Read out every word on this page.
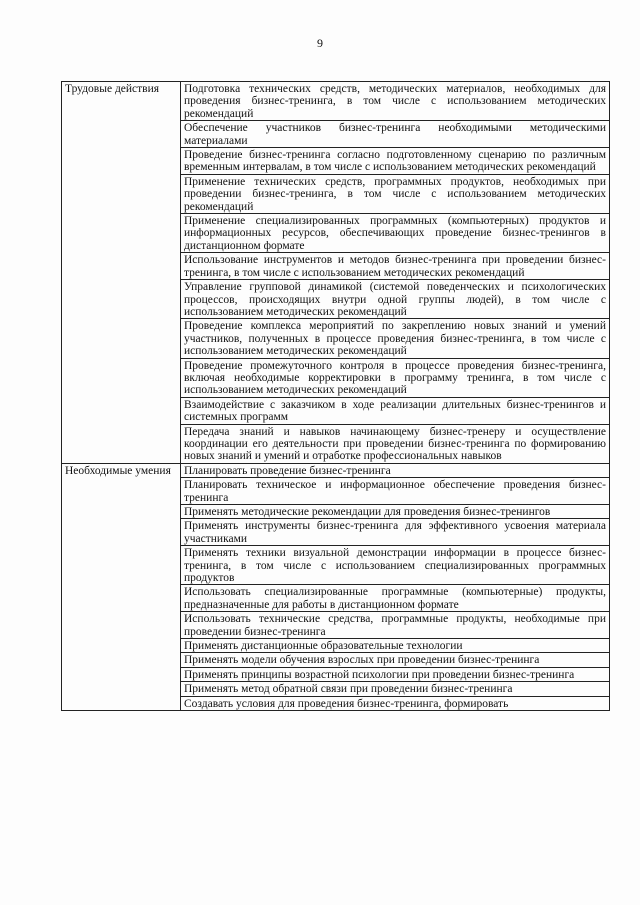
9
Трудовые действия	Подготовка технических средств, методических материалов, необходимых для проведения бизнес-тренинга, в том числе с использованием методических рекомендаций
	Обеспечение участников бизнес-тренинга необходимыми методическими материалами
	Проведение бизнес-тренинга согласно подготовленному сценарию по различным временным интервалам, в том числе с использованием методических рекомендаций
	Применение технических средств, программных продуктов, необходимых при проведении бизнес-тренинга, в том числе с использованием методических рекомендаций
	Применение специализированных программных (компьютерных) продуктов и информационных ресурсов, обеспечивающих проведение бизнес-тренингов в дистанционном формате
	Использование инструментов и методов бизнес-тренинга при проведении бизнес-тренинга, в том числе с использованием методических рекомендаций
	Управление групповой динамикой (системой поведенческих и психологических процессов, происходящих внутри одной группы людей), в том числе с использованием методических рекомендаций
	Проведение комплекса мероприятий по закреплению новых знаний и умений участников, полученных в процессе проведения бизнес-тренинга, в том числе с использованием методических рекомендаций
	Проведение промежуточного контроля в процессе проведения бизнес-тренинга, включая необходимые корректировки в программу тренинга, в том числе с использованием методических рекомендаций
	Взаимодействие с заказчиком в ходе реализации длительных бизнес-тренингов и системных программ
	Передача знаний и навыков начинающему бизнес-тренеру и осуществление координации его деятельности при проведении бизнес-тренинга по формированию новых знаний и умений и отработке профессиональных навыков
Необходимые умения	Планировать проведение бизнес-тренинга
	Планировать техническое и информационное обеспечение проведения бизнес-тренинга
	Применять методические рекомендации для проведения бизнес-тренингов
	Применять инструменты бизнес-тренинга для эффективного усвоения материала участниками
	Применять техники визуальной демонстрации информации в процессе бизнес-тренинга, в том числе с использованием специализированных программных продуктов
	Использовать специализированные программные (компьютерные) продукты, предназначенные для работы в дистанционном формате
	Использовать технические средства, программные продукты, необходимые при проведении бизнес-тренинга
	Применять дистанционные образовательные технологии
	Применять модели обучения взрослых при проведении бизнес-тренинга
	Применять принципы возрастной психологии при проведении бизнес-тренинга
	Применять метод обратной связи при проведении бизнес-тренинга
	Создавать условия для проведения бизнес-тренинга, формировать
